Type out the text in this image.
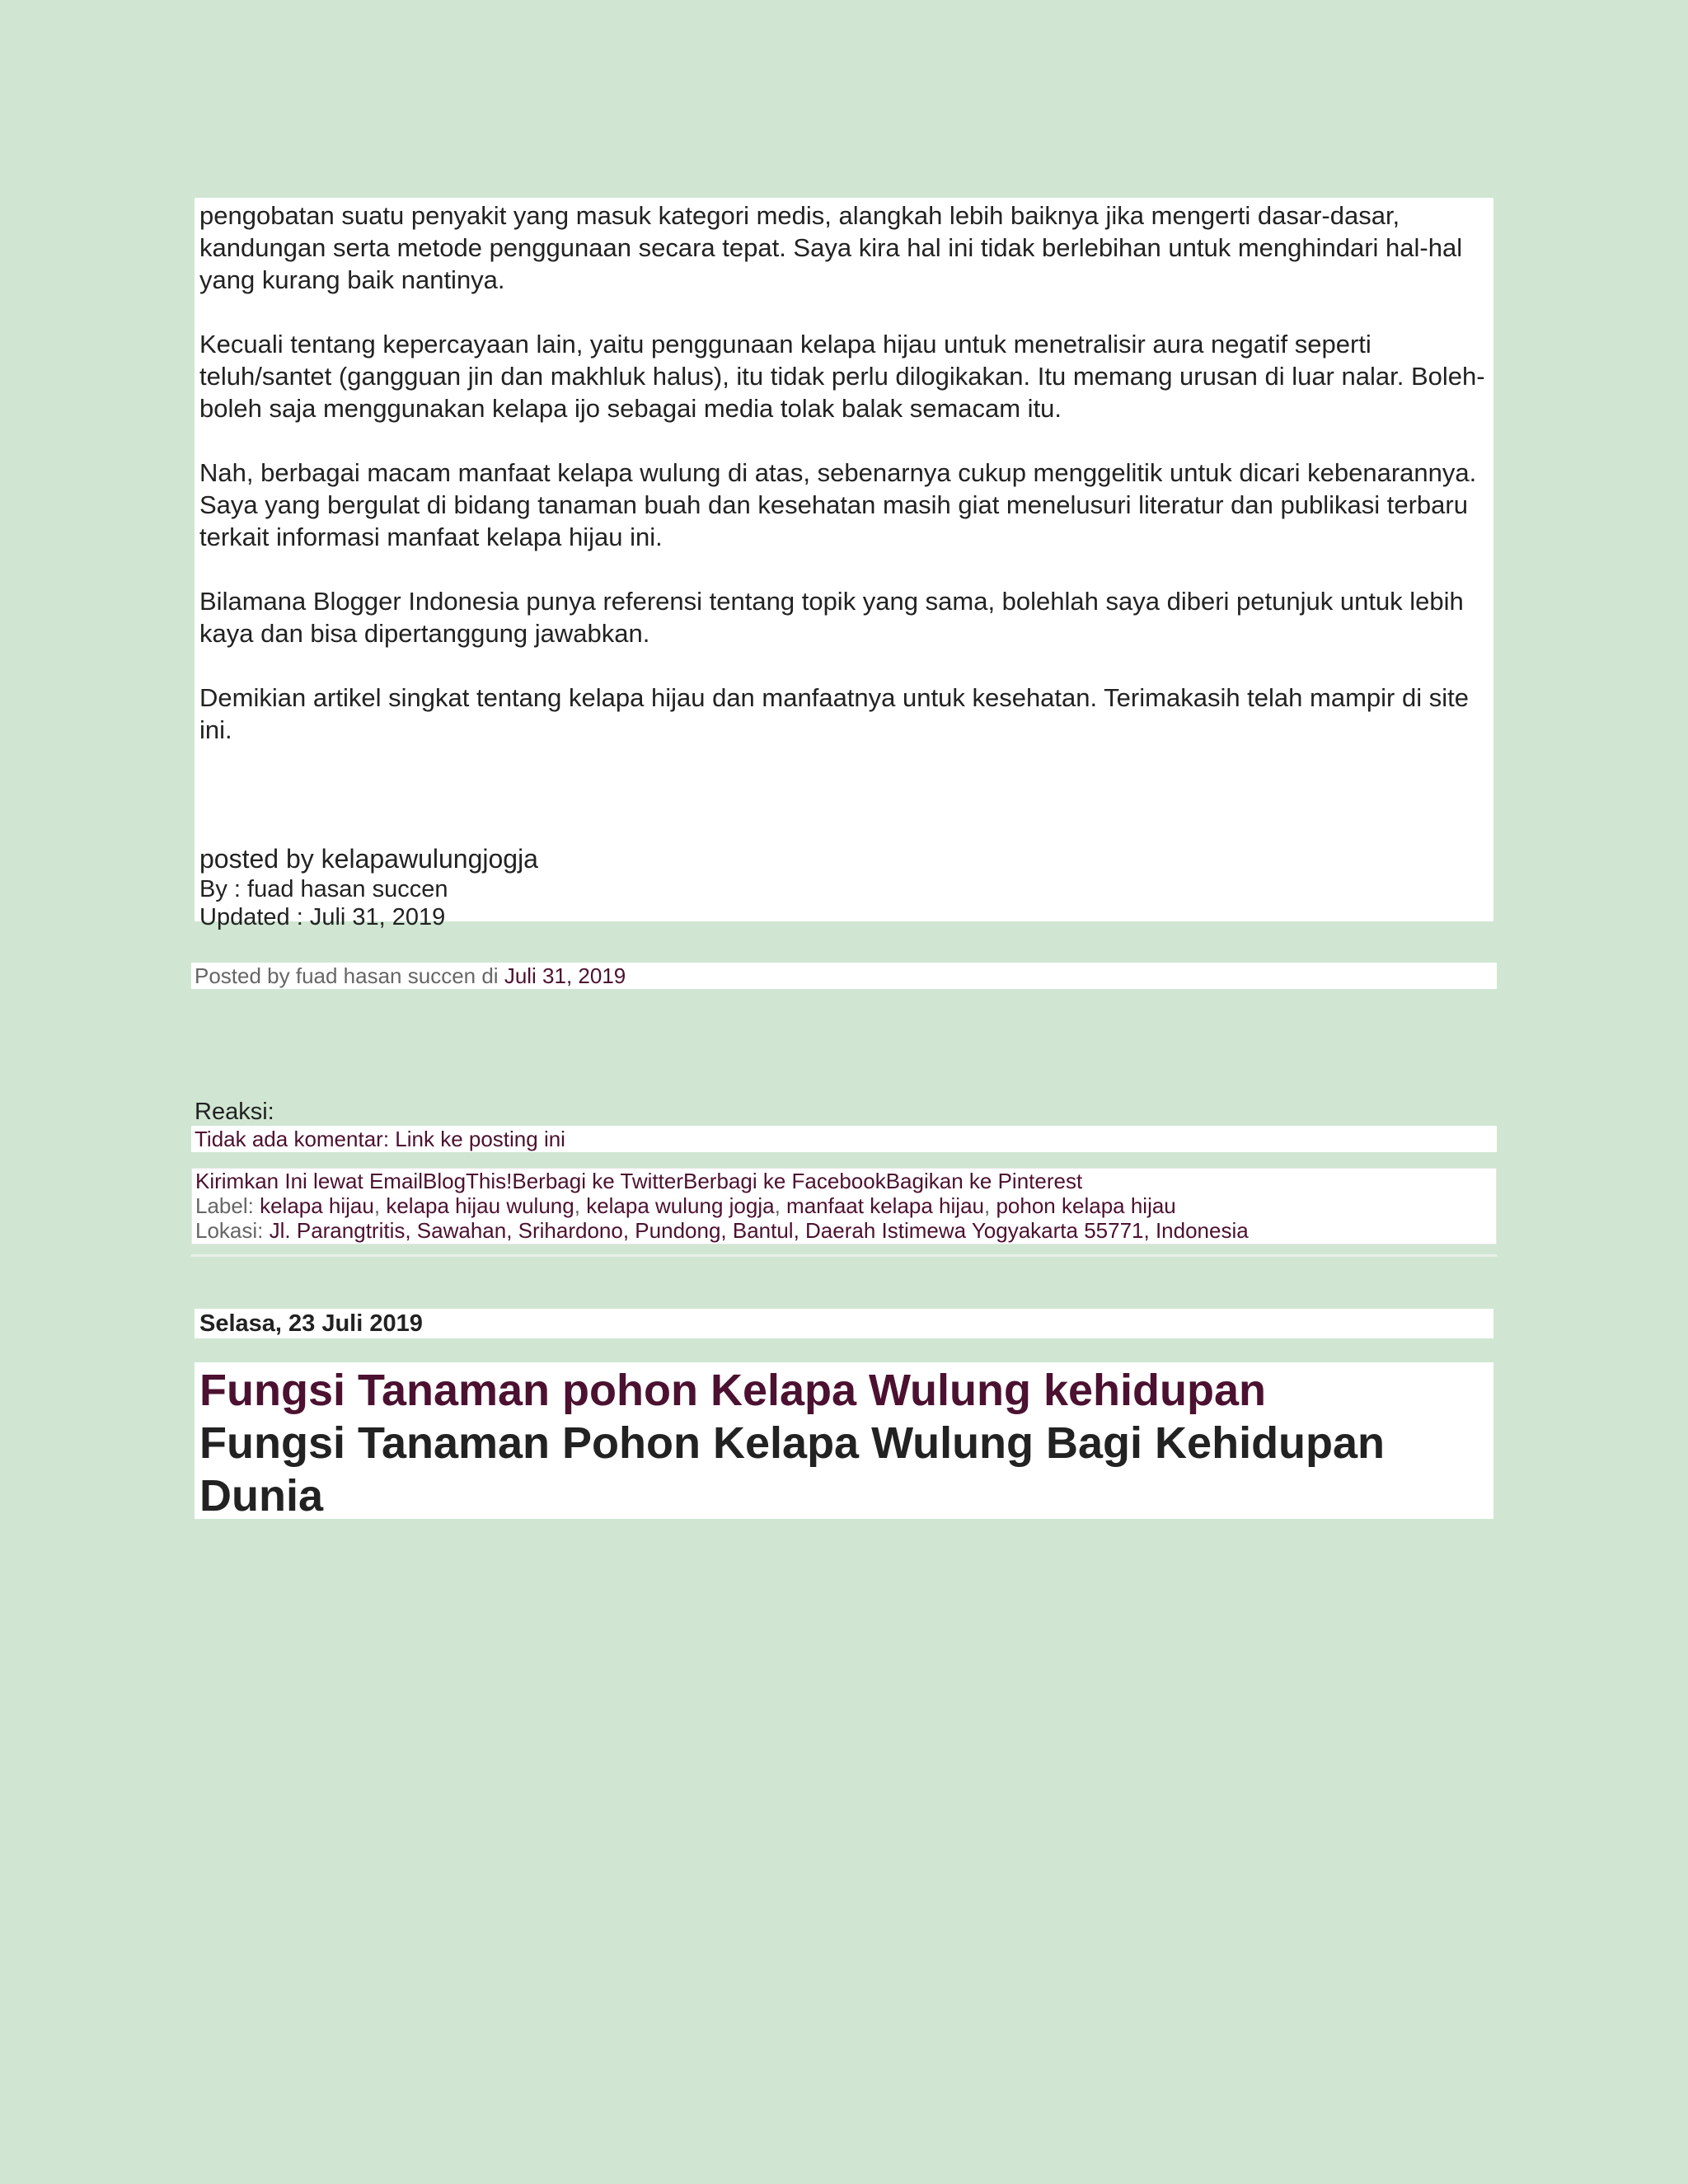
pengobatan suatu penyakit yang masuk kategori medis, alangkah lebih baiknya jika mengerti dasar-dasar, kandungan serta metode penggunaan secara tepat. Saya kira hal ini tidak berlebihan untuk menghindari hal-hal yang kurang baik nantinya.

Kecuali tentang kepercayaan lain, yaitu penggunaan kelapa hijau untuk menetralisir aura negatif seperti teluh/santet (gangguan jin dan makhluk halus), itu tidak perlu dilogikakan. Itu memang urusan di luar nalar. Boleh-boleh saja menggunakan kelapa ijo sebagai media tolak balak semacam itu.

Nah, berbagai macam manfaat kelapa wulung di atas, sebenarnya cukup menggelitik untuk dicari kebenarannya. Saya yang bergulat di bidang tanaman buah dan kesehatan masih giat menelusuri literatur dan publikasi terbaru terkait informasi manfaat kelapa hijau ini.

Bilamana Blogger Indonesia punya referensi tentang topik yang sama, bolehlah saya diberi petunjuk untuk lebih kaya dan bisa dipertanggung jawabkan.

Demikian artikel singkat tentang kelapa hijau dan manfaatnya untuk kesehatan. Terimakasih telah mampir di site ini.

posted by kelapawulungjogja

By : fuad hasan succen

Updated : Juli 31, 2019

Posted by fuad hasan succen di Juli 31, 2019
Reaksi:
Tidak ada komentar: Link ke posting ini
Kirimkan Ini lewat EmailBlogThis!Berbagi ke TwitterBerbagi ke FacebookBagikan ke Pinterest
Label: kelapa hijau, kelapa hijau wulung, kelapa wulung jogja, manfaat kelapa hijau, pohon kelapa hijau
Lokasi: Jl. Parangtritis, Sawahan, Srihardono, Pundong, Bantul, Daerah Istimewa Yogyakarta 55771, Indonesia
Selasa, 23 Juli 2019
Fungsi Tanaman pohon Kelapa Wulung kehidupan
Fungsi Tanaman Pohon Kelapa Wulung Bagi Kehidupan Dunia
